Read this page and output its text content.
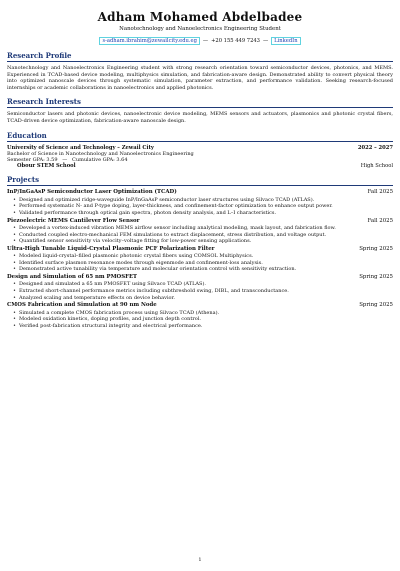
Adham Mohamed Abdelbadee
Nanotechnology and Nanoelectronics Engineering Student
s-adham.ibrahim@zewailcity.edu.eg	— +20 155 449 7243 —	LinkedIn
Research Profile
Nanotechnology and Nanoelectronics Engineering student with strong research orientation toward semiconductor devices, photonics, and MEMS. Experienced in TCAD-based device modeling, multiphysics simulation, and fabrication-aware design. Demonstrated ability to convert physical theory into optimized nanoscale devices through systematic simulation, parameter extraction, and performance validation. Seeking research-focused internships or academic collaborations in nanoelectronics and applied photonics.
Research Interests
Semiconductor lasers and photonic devices, nanoelectronic device modeling, MEMS sensors and actuators, plasmonics and photonic crystal fibers, TCAD-driven device optimization, fabrication-aware nanoscale design.
Education
University of Science and Technology – Zewail City	2022 – 2027
Bachelor of Science in Nanotechnology and Nanoelectronics Engineering
Semester GPA: 3.59   —   Cumulative GPA: 3.64
Obour STEM School	High School
Projects
InP/InGaAsP Semiconductor Laser Optimization (TCAD)	Fall 2025
• Designed and optimized ridge-waveguide InP/InGaAsP semiconductor laser structures using Silvaco TCAD (ATLAS).
• Performed systematic N- and P-type doping, layer-thickness, and confinement-factor optimization to enhance output power.
• Validated performance through optical gain spectra, photon density analysis, and L–I characteristics.
Piezoelectric MEMS Cantilever Flow Sensor	Fall 2025
• Developed a vortex-induced vibration MEMS airflow sensor including analytical modeling, mask layout, and fabrication flow.
• Conducted coupled electro-mechanical FEM simulations to extract displacement, stress distribution, and voltage output.
• Quantified sensor sensitivity via velocity–voltage fitting for low-power sensing applications.
Ultra-High Tunable Liquid-Crystal Plasmonic PCF Polarization Filter	Spring 2025
• Modeled liquid-crystal–filled plasmonic photonic crystal fibers using COMSOL Multiphysics.
• Identified surface plasmon resonance modes through eigenmode and confinement-loss analysis.
• Demonstrated active tunability via temperature and molecular orientation control with sensitivity extraction.
Design and Simulation of 65 nm PMOSFET	Spring 2025
• Designed and simulated a 65 nm PMOSFET using Silvaco TCAD (ATLAS).
• Extracted short-channel performance metrics including subthreshold swing, DIBL, and transconductance.
• Analyzed scaling and temperature effects on device behavior.
CMOS Fabrication and Simulation at 90 nm Node	Spring 2025
• Simulated a complete CMOS fabrication process using Silvaco TCAD (Athena).
• Modeled oxidation kinetics, doping profiles, and junction depth control.
• Verified post-fabrication structural integrity and electrical performance.
1
